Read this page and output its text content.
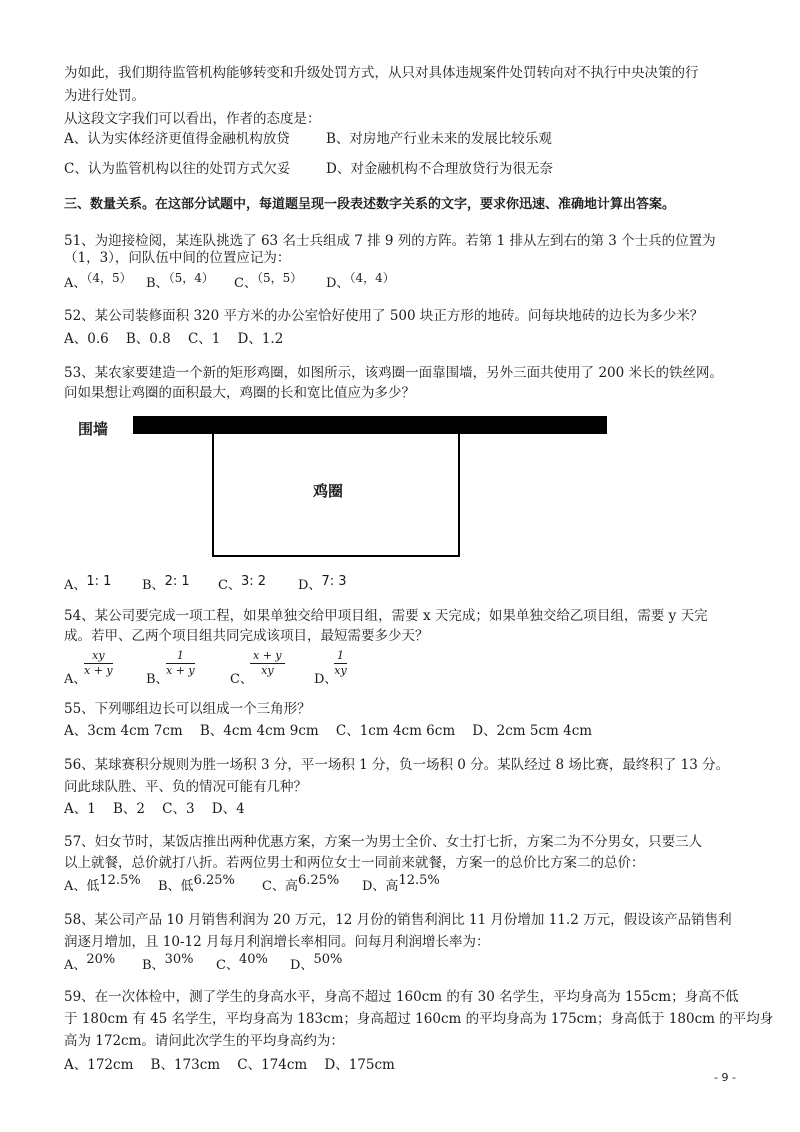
为如此，我们期待监管机构能够转变和升级处罚方式，从只对具体违规案件处罚转向对不执行中央决策的行
为进行处罚。
从这段文字我们可以看出，作者的态度是：
A、认为实体经济更值得金融机构放贷	B、对房地产行业未来的发展比较乐观
C、认为监管机构以往的处罚方式欠妥	D、对金融机构不合理放贷行为很无奈
三、数量关系。在这部分试题中，每道题呈现一段表述数字关系的文字，要求你迅速、准确地计算出答案。
51、为迎接检阅，某连队挑选了 63 名士兵组成 7 排 9 列的方阵。若第 1 排从左到右的第 3 个士兵的位置为
（1，3），问队伍中间的位置应记为：
A、（4，5） B、（5，4） C、（5，5） D、（4，4）
52、某公司装修面积 320 平方米的办公室恰好使用了 500 块正方形的地砖。问每块地砖的边长为多少米？
A、0.6    B、0.8    C、1    D、1.2
53、某农家要建造一个新的矩形鸡圈，如图所示，该鸡圈一面靠围墙，另外三面共使用了 200 米长的铁丝网。
问如果想让鸡圈的面积最大，鸡圈的长和宽比值应为多少？
围墙
鸡圈
A、1: 1 B、2: 1 C、3: 2 D、7: 3
54、某公司要完成一项工程，如果单独交给甲项目组，需要 x 天完成；如果单独交给乙项目组，需要 y 天完
成。若甲、乙两个项目组共同完成该项目，最短需要多少天？
A、
$\frac{xy}{x + y}$
B、
$\frac{1}{x + y}$
C、
$\frac{x + y}{xy}$
D、
$\frac{1}{xy}$
55、下列哪组边长可以组成一个三角形？
A、3cm 4cm 7cm    B、4cm 4cm 9cm    C、1cm 4cm 6cm    D、2cm 5cm 4cm
56、某球赛积分规则为胜一场积 3 分，平一场积 1 分，负一场积 0 分。某队经过 8 场比赛，最终积了 13 分。
问此球队胜、平、负的情况可能有几种？
A、1    B、2    C、3    D、4
57、妇女节时，某饭店推出两种优惠方案，方案一为男士全价、女士打七折，方案二为不分男女，只要三人
以上就餐，总价就打八折。若两位男士和两位女士一同前来就餐，方案一的总价比方案二的总价：
A、低12.5% B、低6.25% C、高6.25% D、高12.5%
58、某公司产品 10 月销售利润为 20 万元，12 月份的销售利润比 11 月份增加 11.2 万元，假设该产品销售利
润逐月增加，且 10-12 月每月利润增长率相同。问每月利润增长率为：
A、20% B、30% C、40% D、50%
59、在一次体检中，测了学生的身高水平，身高不超过 160cm 的有 30 名学生，平均身高为 155cm；身高不低
于 180cm 有 45 名学生，平均身高为 183cm；身高超过 160cm 的平均身高为 175cm；身高低于 180cm 的平均身
高为 172cm。请问此次学生的平均身高约为：
A、172cm    B、173cm    C、174cm    D、175cm
- 9 -
